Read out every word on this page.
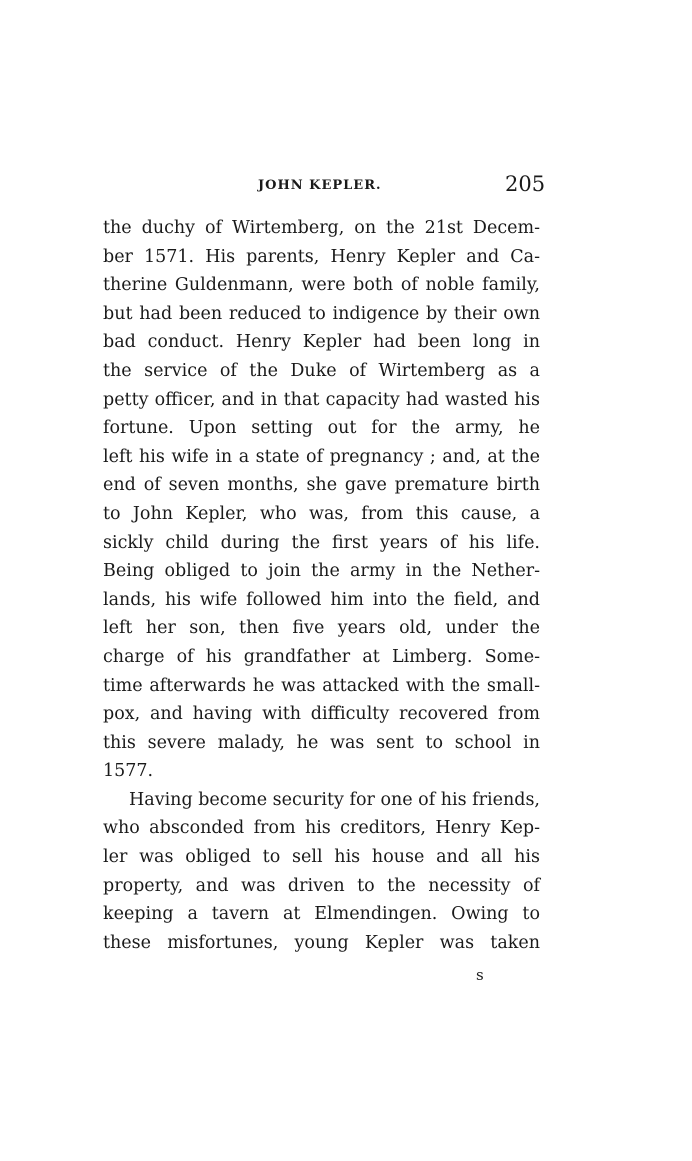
JOHN KEPLER.	205
the duchy of Wirtemberg, on the 21st Decem-
ber 1571. His parents, Henry Kepler and Ca-
therine Guldenmann, were both of noble family,
but had been reduced to indigence by their own
bad conduct. Henry Kepler had been long in
the service of the Duke of Wirtemberg as a
petty officer, and in that capacity had wasted his
fortune. Upon setting out for the army, he
left his wife in a state of pregnancy ; and, at the
end of seven months, she gave premature birth
to John Kepler, who was, from this cause, a
sickly child during the first years of his life.
Being obliged to join the army in the Nether-
lands, his wife followed him into the field, and
left her son, then five years old, under the
charge of his grandfather at Limberg. Some-
time afterwards he was attacked with the small-
pox, and having with difficulty recovered from
this severe malady, he was sent to school in
1577.
Having become security for one of his friends,
who absconded from his creditors, Henry Kep-
ler was obliged to sell his house and all his
property, and was driven to the necessity of
keeping a tavern at Elmendingen. Owing to
these misfortunes, young Kepler was taken
s
